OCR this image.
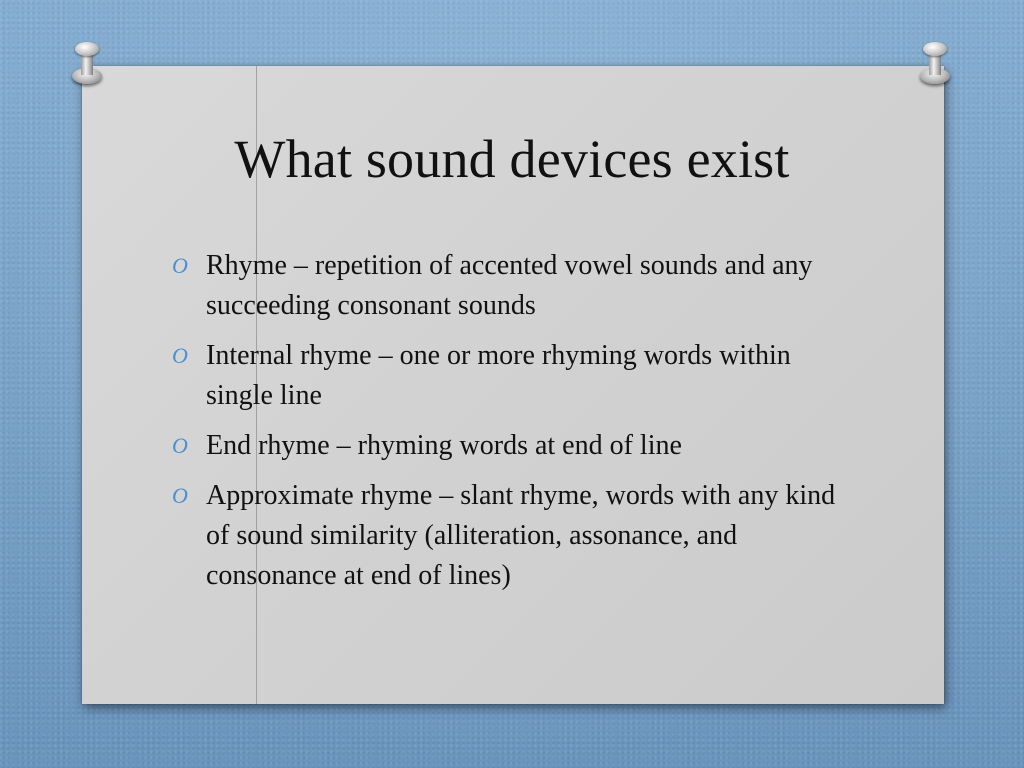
What sound devices exist
O Rhyme – repetition of accented vowel sounds and any succeeding consonant sounds
O Internal rhyme – one or more rhyming words within single line
O End rhyme – rhyming words at end of line
O Approximate rhyme – slant rhyme, words with any kind of sound similarity (alliteration, assonance, and consonance at end of lines)
